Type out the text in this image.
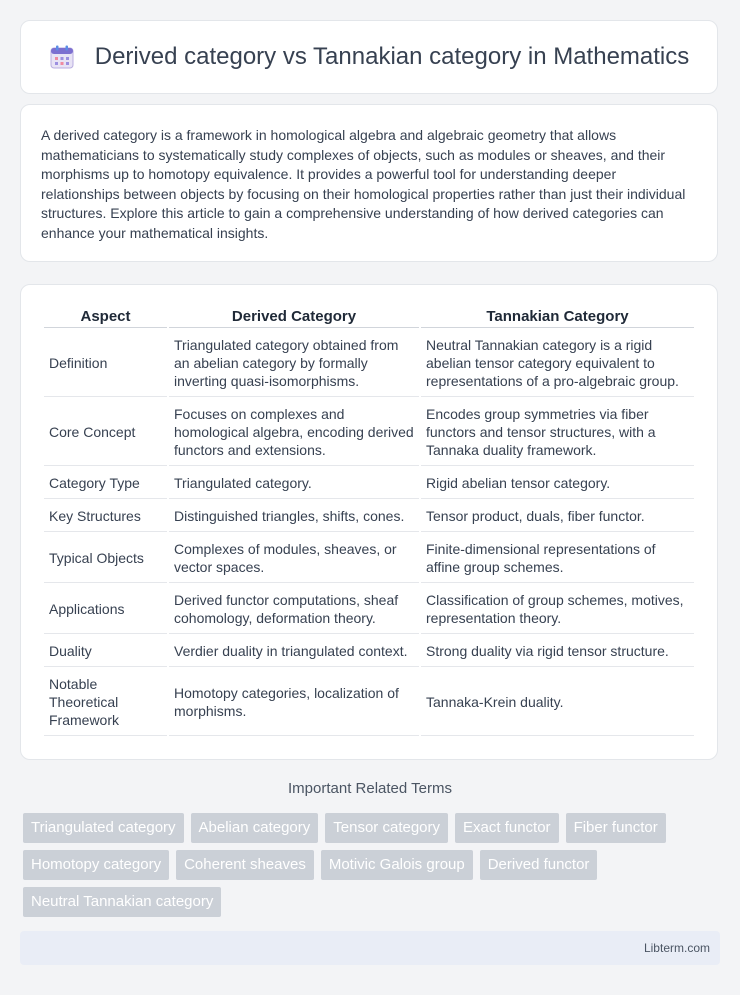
Derived category vs Tannakian category in Mathematics

A derived category is a framework in homological algebra and algebraic geometry that allows mathematicians to systematically study complexes of objects, such as modules or sheaves, and their morphisms up to homotopy equivalence. It provides a powerful tool for understanding deeper relationships between objects by focusing on their homological properties rather than just their individual structures. Explore this article to gain a comprehensive understanding of how derived categories can enhance your mathematical insights.

Aspect	Derived Category	Tannakian Category
Definition	Triangulated category obtained from an abelian category by formally inverting quasi-isomorphisms.	Neutral Tannakian category is a rigid abelian tensor category equivalent to representations of a pro-algebraic group.
Core Concept	Focuses on complexes and homological algebra, encoding derived functors and extensions.	Encodes group symmetries via fiber functors and tensor structures, with a Tannaka duality framework.
Category Type	Triangulated category.	Rigid abelian tensor category.
Key Structures	Distinguished triangles, shifts, cones.	Tensor product, duals, fiber functor.
Typical Objects	Complexes of modules, sheaves, or vector spaces.	Finite-dimensional representations of affine group schemes.
Applications	Derived functor computations, sheaf cohomology, deformation theory.	Classification of group schemes, motives, representation theory.
Duality	Verdier duality in triangulated context.	Strong duality via rigid tensor structure.
Notable Theoretical Framework	Homotopy categories, localization of morphisms.	Tannaka-Krein duality.
Important Related Terms
Triangulated category	Abelian category	Tensor category	Exact functor	Fiber functor
Homotopy category	Coherent sheaves	Motivic Galois group	Derived functor
Neutral Tannakian category
Libterm.com
